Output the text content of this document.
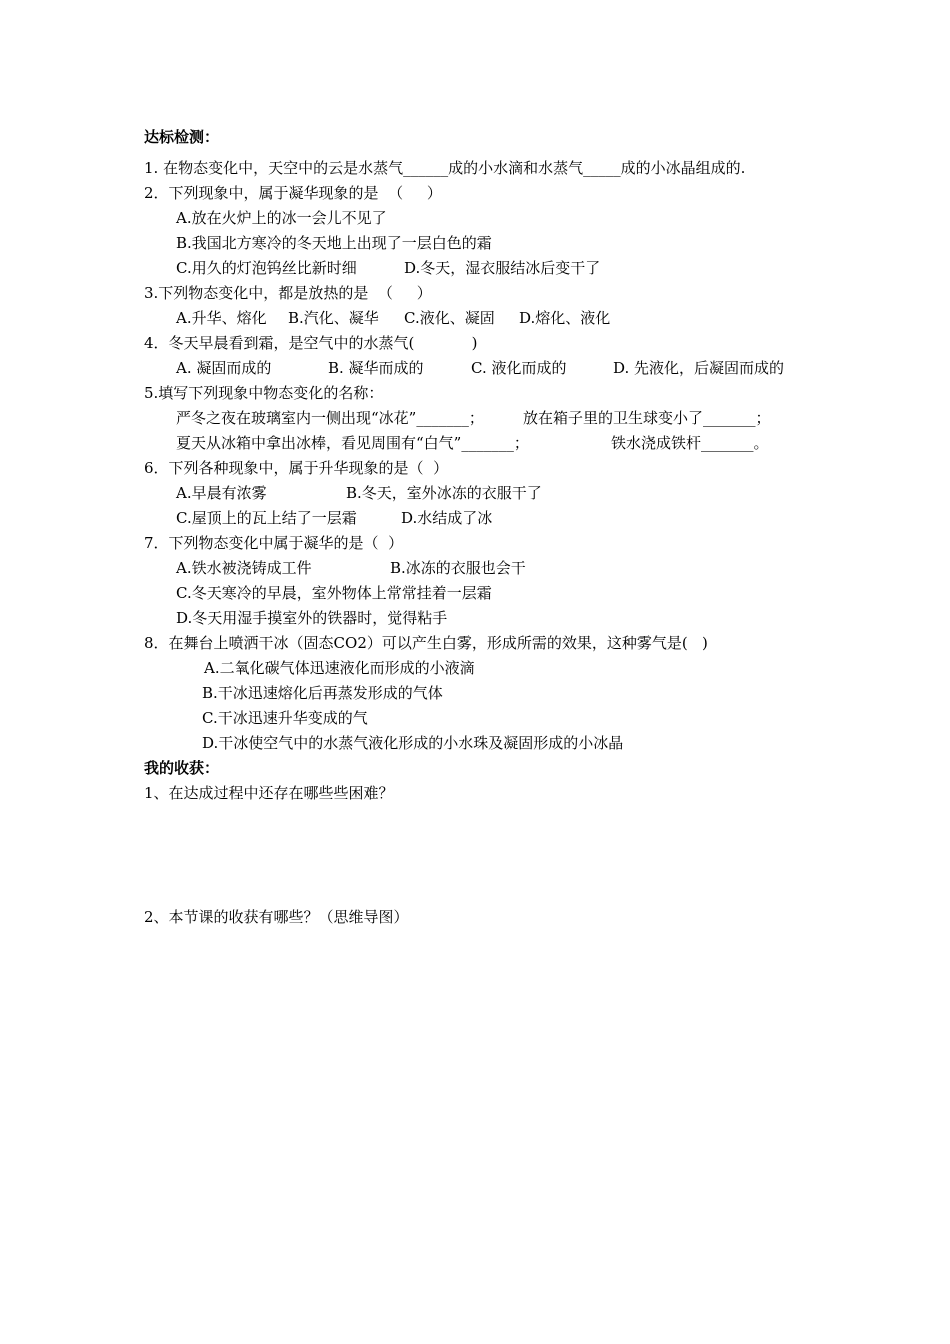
达标检测：
1. 在物态变化中，天空中的云是水蒸气______成的小水滴和水蒸气_____成的小冰晶组成的.
2．下列现象中，属于凝华现象的是  （     ）
A.放在火炉上的冰一会儿不见了
B.我国北方寒冷的冬天地上出现了一层白色的霜
C.用久的灯泡钨丝比新时细	D.冬天，湿衣服结冰后变干了
3.下列物态变化中，都是放热的是  （     ）
A.升华、熔化 B.汽化、凝华 C.液化、凝固 D.熔化、液化
4．冬天早晨看到霜，是空气中的水蒸气(            )
A. 凝固而成的	B. 凝华而成的	C. 液化而成的	D. 先液化，后凝固而成的
5.填写下列现象中物态变化的名称：
严冬之夜在玻璃室内一侧出现“冰花”_______；	放在箱子里的卫生球变小了_______；
夏天从冰箱中拿出冰棒，看见周围有“白气”_______；	铁水浇成铁杆_______。
6．下列各种现象中，属于升华现象的是（  ）
A.早晨有浓雾	B.冬天，室外冰冻的衣服干了
C.屋顶上的瓦上结了一层霜	D.水结成了冰
7．下列物态变化中属于凝华的是（  ）
A.铁水被浇铸成工件	B.冰冻的衣服也会干
C.冬天寒冷的早晨，室外物体上常常挂着一层霜
D.冬天用湿手摸室外的铁器时，觉得粘手
8．在舞台上喷洒干冰（固态CO2）可以产生白雾，形成所需的效果，这种雾气是(   )
A.二氧化碳气体迅速液化而形成的小液滴
B.干冰迅速熔化后再蒸发形成的气体
C.干冰迅速升华变成的气
D.干冰使空气中的水蒸气液化形成的小水珠及凝固形成的小冰晶
我的收获：
1、在达成过程中还存在哪些些困难？
2、本节课的收获有哪些？（思维导图）
